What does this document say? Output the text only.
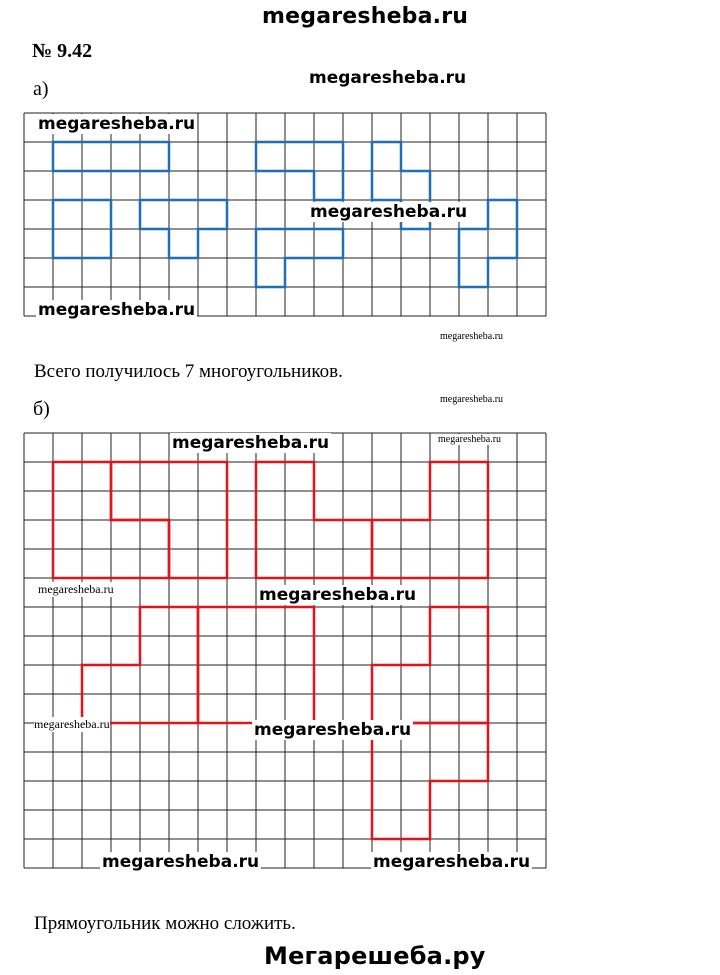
megaresheba.ru
№ 9.42
а)	megaresheba.ru
megaresheba.ru
megaresheba.ru
megaresheba.ru
megaresheba.ru
Всего получилось 7 многоугольников.
megaresheba.ru
б)
megaresheba.ru	megaresheba.ru
megaresheba.ru	megaresheba.ru
megaresheba.ru	megaresheba.ru
megaresheba.ru	megaresheba.ru
Прямоугольник можно сложить.
Мегарешеба.ру
